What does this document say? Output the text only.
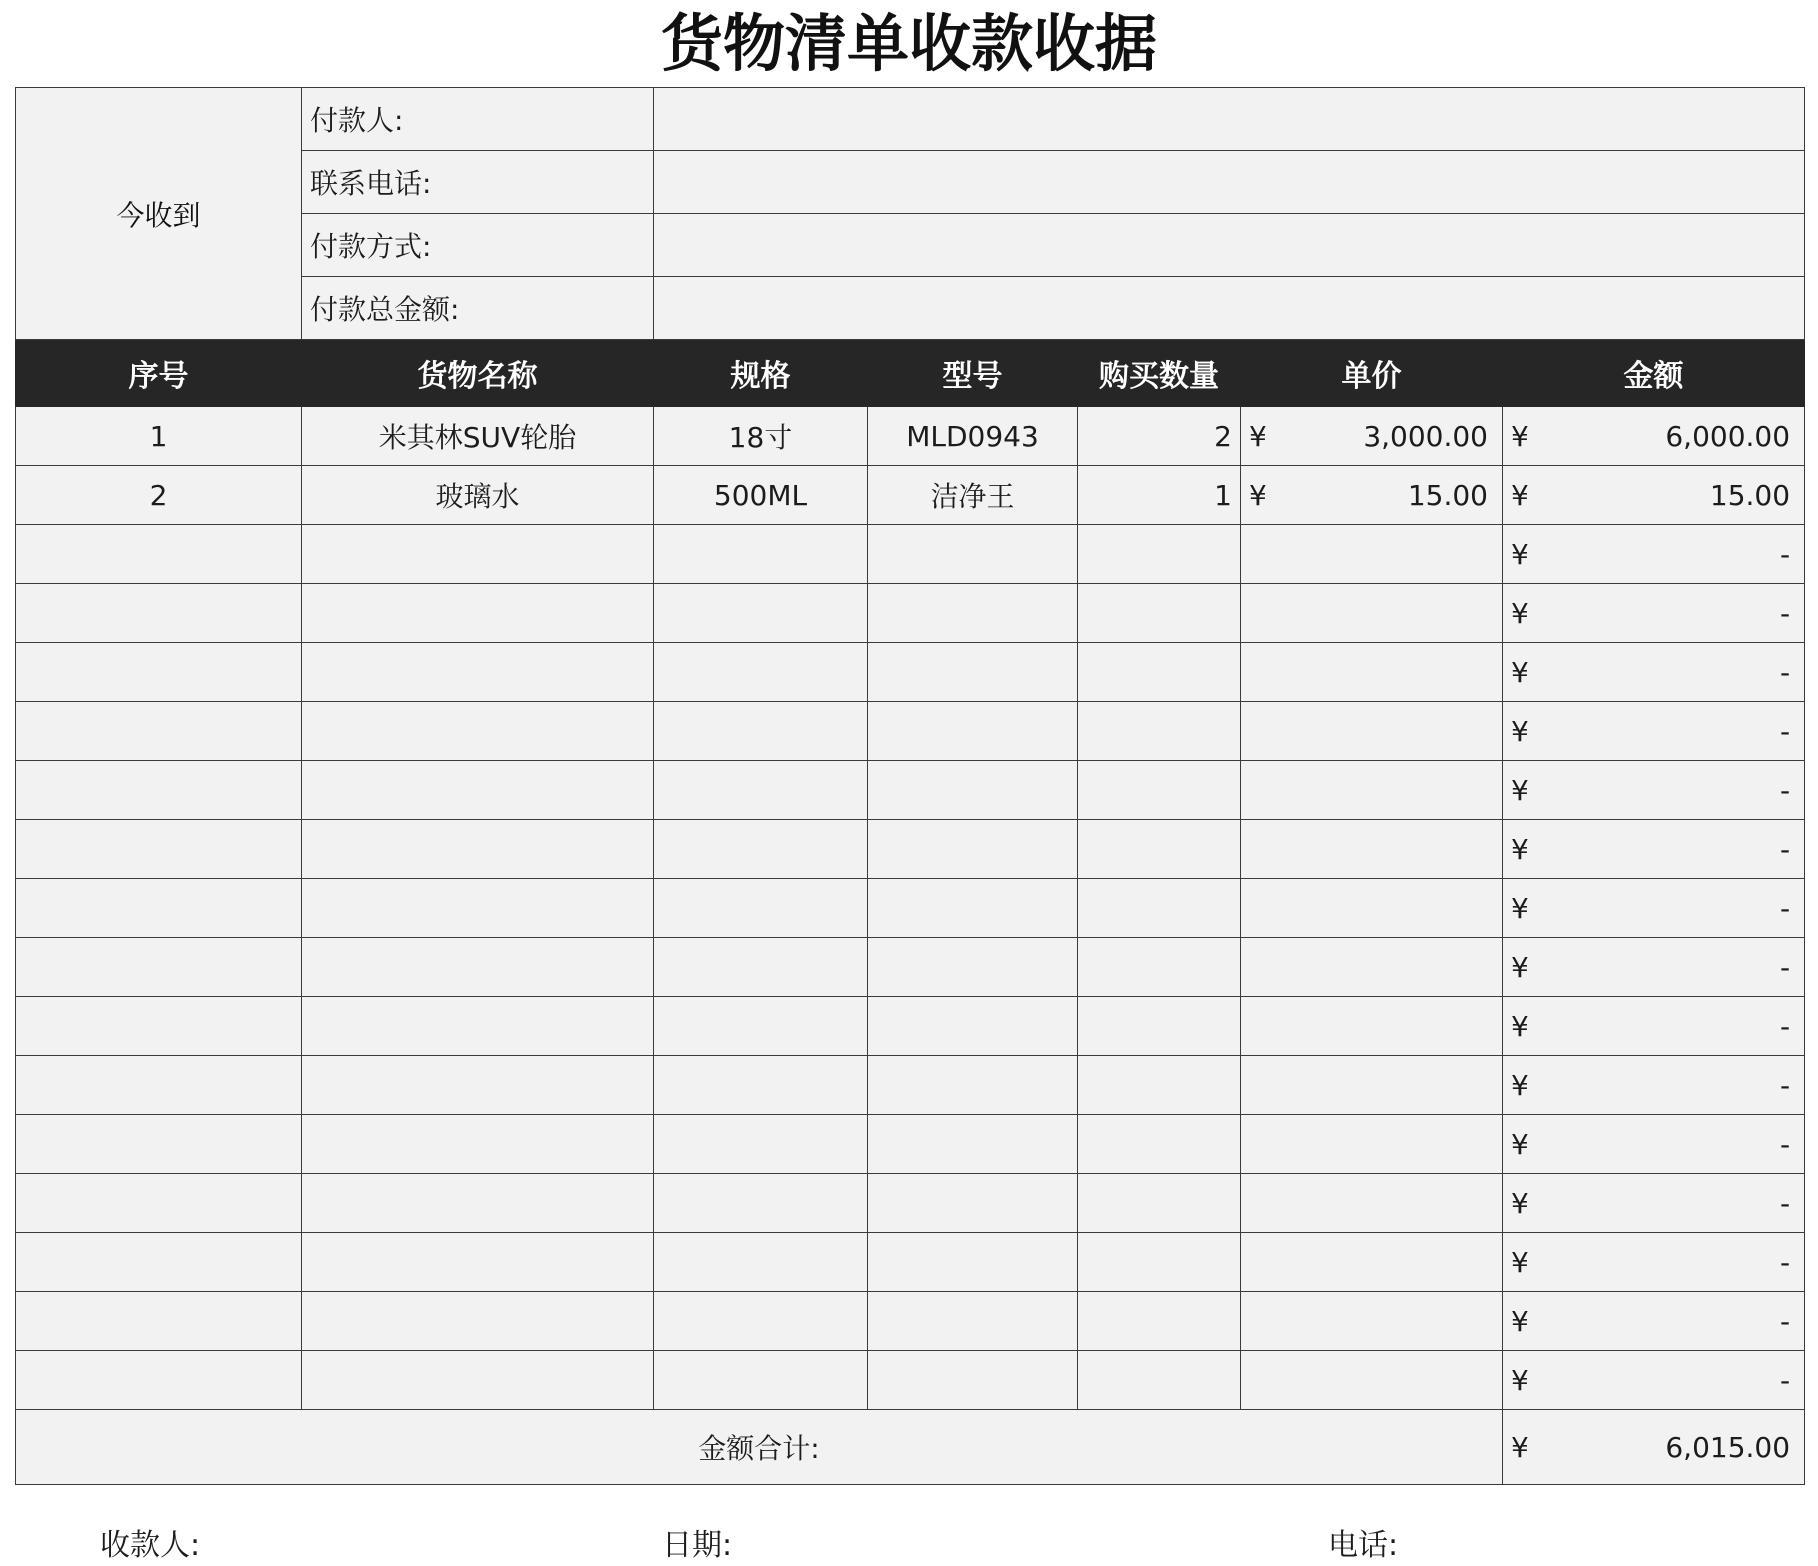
货物清单收款收据
今收到	付款人:					
	联系电话:					
	付款方式:					
	付款总金额:					
序号	货物名称	规格	型号	购买数量	单价	金额
1	米其林SUV轮胎	18寸	MLD0943	2	¥ 3,000.00	¥ 6,000.00

2	玻璃水	500ML	洁净王	1	¥ 15.00	¥ 15.00

						¥ -

						¥ -

						¥ -

						¥ -

						¥ -

						¥ -

						¥ -

						¥ -

						¥ -

						¥ -

						¥ -

						¥ -

						¥ -

						¥ -

						¥ -

金额合计:						¥ 6,015.00
收款人:	日期:	电话:
